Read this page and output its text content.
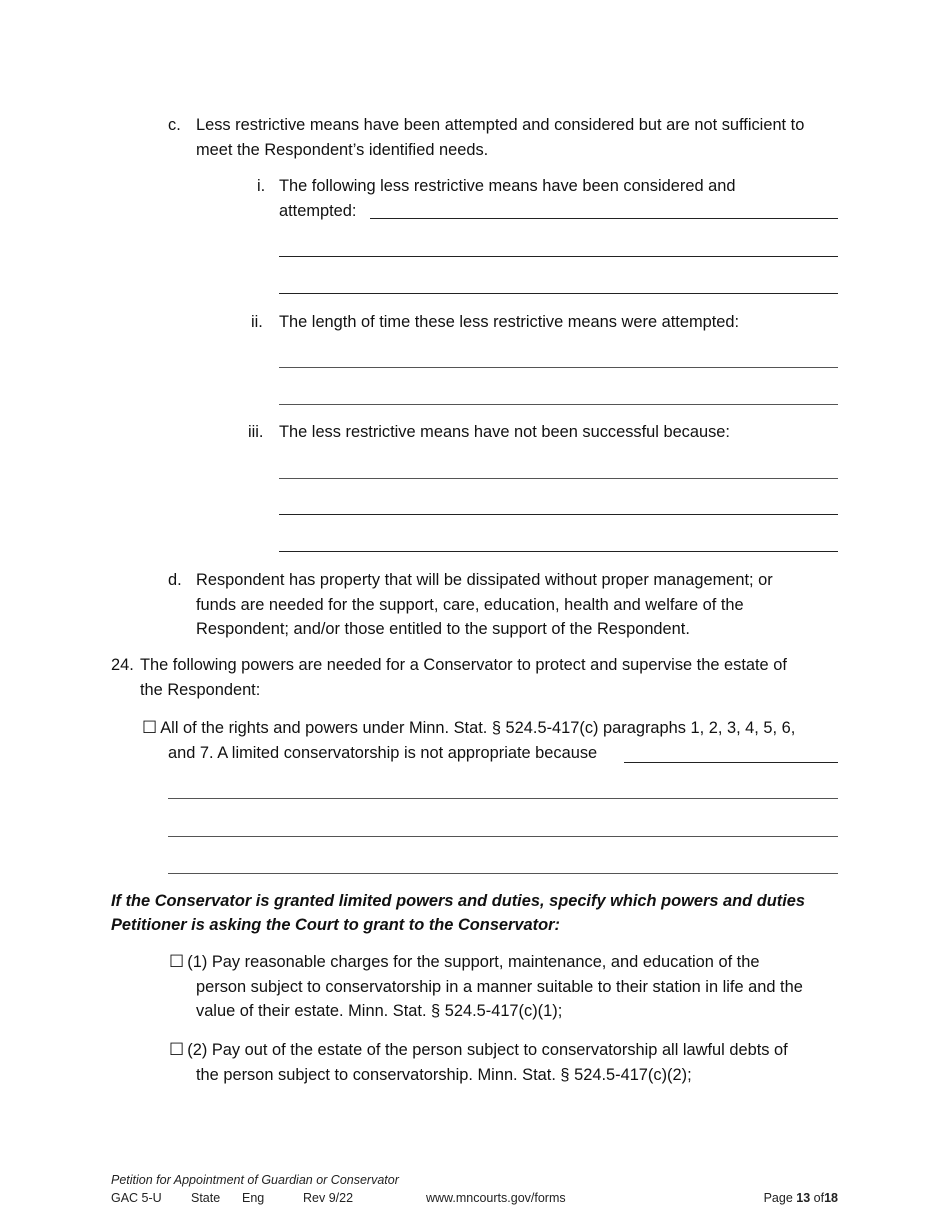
c. Less restrictive means have been attempted and considered but are not sufficient to
meet the Respondent’s identified needs.
i. The following less restrictive means have been considered and
attempted:
ii. The length of time these less restrictive means were attempted:
iii. The less restrictive means have not been successful because:
d. Respondent has property that will be dissipated without proper management; or
funds are needed for the support, care, education, health and welfare of the
Respondent; and/or those entitled to the support of the Respondent.
24. The following powers are needed for a Conservator to protect and supervise the estate of
the Respondent:
☐ All of the rights and powers under Minn. Stat. § 524.5-417(c) paragraphs 1, 2, 3, 4, 5, 6,
and 7. A limited conservatorship is not appropriate because
If the Conservator is granted limited powers and duties, specify which powers and duties
Petitioner is asking the Court to grant to the Conservator:
☐ (1) Pay reasonable charges for the support, maintenance, and education of the
person subject to conservatorship in a manner suitable to their station in life and the
value of their estate. Minn. Stat. § 524.5-417(c)(1);
☐ (2) Pay out of the estate of the person subject to conservatorship all lawful debts of
the person subject to conservatorship. Minn. Stat. § 524.5-417(c)(2);
Petition for Appointment of Guardian or Conservator
GAC 5-U State Eng	Rev 9/22	www.mncourts.gov/forms	Page 13 of18
